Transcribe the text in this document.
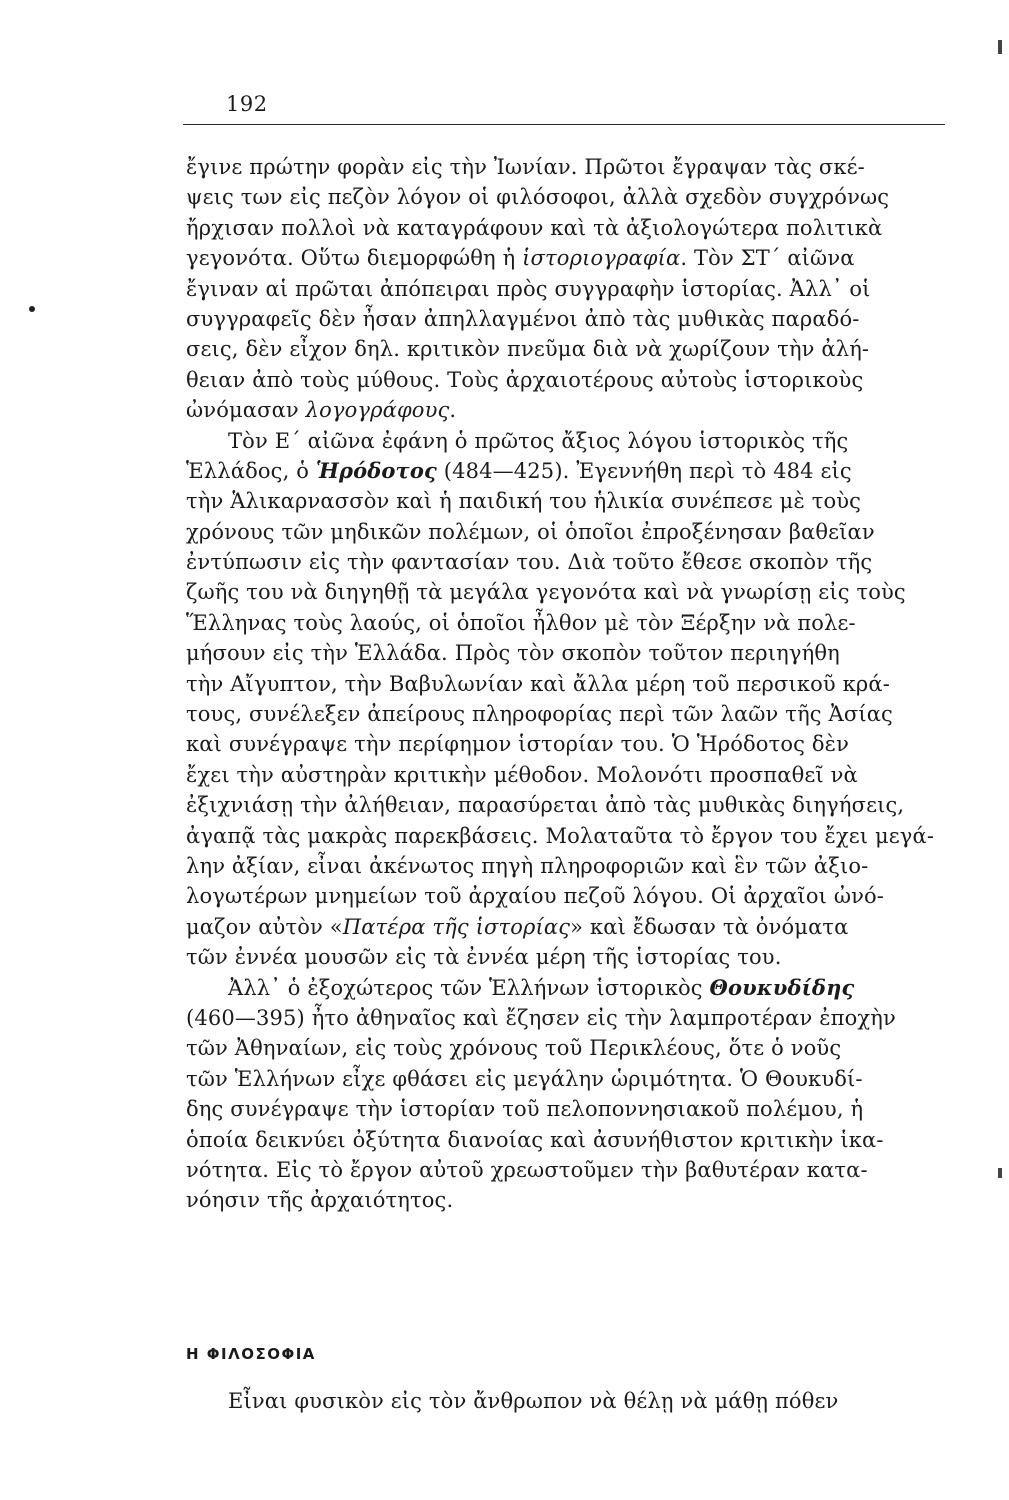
192
ἔγινε πρώτην φορὰν εἰς τὴν Ἰωνίαν. Πρῶτοι ἔγραψαν τὰς σκέ-
ψεις των εἰς πεζὸν λόγον οἱ φιλόσοφοι, ἀλλὰ σχεδὸν συγχρόνως
ἤρχισαν πολλοὶ νὰ καταγράφουν καὶ τὰ ἀξιολογώτερα πολιτικὰ
γεγονότα. Οὕτω διεμορφώθη ἡ ἱστοριογραφία. Τὸν ΣΤ΄ αἰῶνα
ἔγιναν αἱ πρῶται ἀπόπειραι πρὸς συγγραφὴν ἱστορίας. Ἀλλ᾿ οἱ
συγγραφεῖς δὲν ἦσαν ἀπηλλαγμένοι ἀπὸ τὰς μυθικὰς παραδό-
σεις, δὲν εἶχον δηλ. κριτικὸν πνεῦμα διὰ νὰ χωρίζουν τὴν ἀλή-
θειαν ἀπὸ τοὺς μύθους. Τοὺς ἀρχαιοτέρους αὐτοὺς ἱστορικοὺς
ὠνόμασαν λογογράφους.
Τὸν Ε΄ αἰῶνα ἐφάνη ὁ πρῶτος ἄξιος λόγου ἱστορικὸς τῆς
Ἑλλάδος, ὁ Ἡρόδοτος (484—425). Ἐγεννήθη περὶ τὸ 484 εἰς
τὴν Ἁλικαρνασσὸν καὶ ἡ παιδική του ἡλικία συνέπεσε μὲ τοὺς
χρόνους τῶν μηδικῶν πολέμων, οἱ ὁποῖοι ἐπροξένησαν βαθεῖαν
ἐντύπωσιν εἰς τὴν φαντασίαν του. Διὰ τοῦτο ἔθεσε σκοπὸν τῆς
ζωῆς του νὰ διηγηθῇ τὰ μεγάλα γεγονότα καὶ νὰ γνωρίσῃ εἰς τοὺς
Ἕλληνας τοὺς λαούς, οἱ ὁποῖοι ἦλθον μὲ τὸν Ξέρξην νὰ πολε-
μήσουν εἰς τὴν Ἑλλάδα. Πρὸς τὸν σκοπὸν τοῦτον περιηγήθη
τὴν Αἴγυπτον, τὴν Βαβυλωνίαν καὶ ἄλλα μέρη τοῦ περσικοῦ κρά-
τους, συνέλεξεν ἀπείρους πληροφορίας περὶ τῶν λαῶν τῆς Ἀσίας
καὶ συνέγραψε τὴν περίφημον ἱστορίαν του. Ὁ Ἡρόδοτος δὲν
ἔχει τὴν αὐστηρὰν κριτικὴν μέθοδον. Μολονότι προσπαθεῖ νὰ
ἐξιχνιάσῃ τὴν ἀλήθειαν, παρασύρεται ἀπὸ τὰς μυθικὰς διηγήσεις,
ἀγαπᾷ τὰς μακρὰς παρεκβάσεις. Μολαταῦτα τὸ ἔργον του ἔχει μεγά-
λην ἀξίαν, εἶναι ἀκένωτος πηγὴ πληροφοριῶν καὶ ἓν τῶν ἀξιο-
λογωτέρων μνημείων τοῦ ἀρχαίου πεζοῦ λόγου. Οἱ ἀρχαῖοι ὠνό-
μαζον αὐτὸν «Πατέρα τῆς ἱστορίας» καὶ ἔδωσαν τὰ ὀνόματα
τῶν ἐννέα μουσῶν εἰς τὰ ἐννέα μέρη τῆς ἱστορίας του.
Ἀλλ᾿ ὁ ἐξοχώτερος τῶν Ἑλλήνων ἱστορικὸς Θουκυδίδης
(460—395) ἦτο ἀθηναῖος καὶ ἔζησεν εἰς τὴν λαμπροτέραν ἐποχὴν
τῶν Ἀθηναίων, εἰς τοὺς χρόνους τοῦ Περικλέους, ὅτε ὁ νοῦς
τῶν Ἑλλήνων εἶχε φθάσει εἰς μεγάλην ὡριμότητα. Ὁ Θουκυδί-
δης συνέγραψε τὴν ἱστορίαν τοῦ πελοποννησιακοῦ πολέμου, ἡ
ὁποία δεικνύει ὀξύτητα διανοίας καὶ ἀσυνήθιστον κριτικὴν ἱκα-
νότητα. Εἰς τὸ ἔργον αὐτοῦ χρεωστοῦμεν τὴν βαθυτέραν κατα-
νόησιν τῆς ἀρχαιότητος.
Η ΦΙΛΟΣΟΦΙΑ
Εἶναι φυσικὸν εἰς τὸν ἄνθρωπον νὰ θέλῃ νὰ μάθῃ πόθεν
